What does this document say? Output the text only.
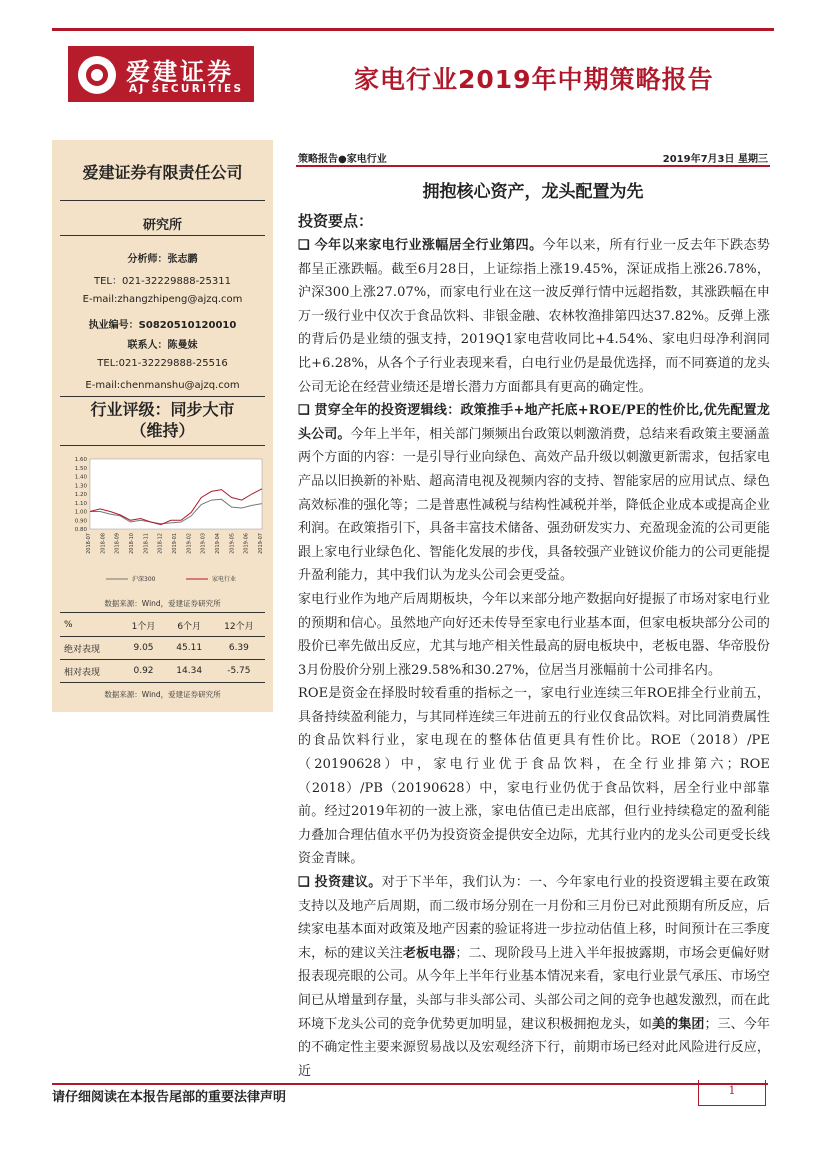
爱建证券
AJ SECURITIES	家电行业2019年中期策略报告
爱建证券有限责任公司
研究所
分析师：张志鹏
TEL：021-32229888-25311
E-mail:zhangzhipeng@ajzq.com
执业编号：S0820510120010
联系人：陈曼妹
TEL:021-32229888-25516
E-mail:chenmanshu@ajzq.com
行业评级：同步大市
（维持）
1.60
1.50
1.40
1.30
1.20
1.10
1.00
0.90
0.80
2018-07 2018-08 2018-09 2018-10 2018-11 2018-12 2019-01 2019-02 2019-03 2019-04 2019-05 2019-06 2019-07
沪深300	家电行业
数据来源：Wind，爱建证券研究所
%	1个月	6个月	12个月
绝对表现	9.05	45.11	6.39
相对表现	0.92	14.34	-5.75
数据来源：Wind，爱建证券研究所
策略报告●家电行业	2019年7月3日 星期三
拥抱核心资产，龙头配置为先
投资要点：

❑ 今年以来家电行业涨幅居全行业第四。今年以来，所有行业一反去年下跌态势都呈正涨跌幅。截至6月28日，上证综指上涨19.45%，深证成指上涨26.78%，沪深300上涨27.07%，而家电行业在这一波反弹行情中远超指数，其涨跌幅在申万一级行业中仅次于食品饮料、非银金融、农林牧渔排第四达37.82%。反弹上涨的背后仍是业绩的强支持，2019Q1家电营收同比+4.54%、家电归母净利润同比+6.28%，从各个子行业表现来看，白电行业仍是最优选择，而不同赛道的龙头公司无论在经营业绩还是增长潜力方面都具有更高的确定性。

❑ 贯穿全年的投资逻辑线：政策推手+地产托底+ROE/PE的性价比,优先配置龙头公司。今年上半年，相关部门频频出台政策以刺激消费，总结来看政策主要涵盖两个方面的内容：一是引导行业向绿色、高效产品升级以刺激更新需求，包括家电产品以旧换新的补贴、超高清电视及视频内容的支持、智能家居的应用试点、绿色高效标准的强化等；二是普惠性减税与结构性减税并举，降低企业成本或提高企业利润。在政策指引下，具备丰富技术储备、强劲研发实力、充盈现金流的公司更能跟上家电行业绿色化、智能化发展的步伐，具备较强产业链议价能力的公司更能提升盈利能力，其中我们认为龙头公司会更受益。

家电行业作为地产后周期板块，今年以来部分地产数据向好提振了市场对家电行业的预期和信心。虽然地产向好还未传导至家电行业基本面，但家电板块部分公司的股价已率先做出反应，尤其与地产相关性最高的厨电板块中，老板电器、华帝股份3月份股价分别上涨29.58%和30.27%，位居当月涨幅前十公司排名内。

ROE是资金在择股时较看重的指标之一，家电行业连续三年ROE排全行业前五，具备持续盈利能力，与其同样连续三年进前五的行业仅食品饮料。对比同消费属性的食品饮料行业，家电现在的整体估值更具有性价比。ROE（2018）/PE（20190628）中，家电行业优于食品饮料，在全行业排第六；ROE（2018）/PB（20190628）中，家电行业仍优于食品饮料，居全行业中部靠前。经过2019年初的一波上涨，家电估值已走出底部，但行业持续稳定的盈利能力叠加合理估值水平仍为投资资金提供安全边际，尤其行业内的龙头公司更受长线资金青睐。

❑ 投资建议。对于下半年，我们认为：一、今年家电行业的投资逻辑主要在政策支持以及地产后周期，而二级市场分别在一月份和三月份已对此预期有所反应，后续家电基本面对政策及地产因素的验证将进一步拉动估值上移，时间预计在三季度末，标的建议关注老板电器；二、现阶段马上进入半年报披露期，市场会更偏好财报表现亮眼的公司。从今年上半年行业基本情况来看，家电行业景气承压、市场空间已从增量到存量，头部与非头部公司、头部公司之间的竞争也越发激烈，而在此环境下龙头公司的竞争优势更加明显，建议积极拥抱龙头，如美的集团；三、今年的不确定性主要来源贸易战以及宏观经济下行，前期市场已经对此风险进行反应，近

请仔细阅读在本报告尾部的重要法律声明	1
